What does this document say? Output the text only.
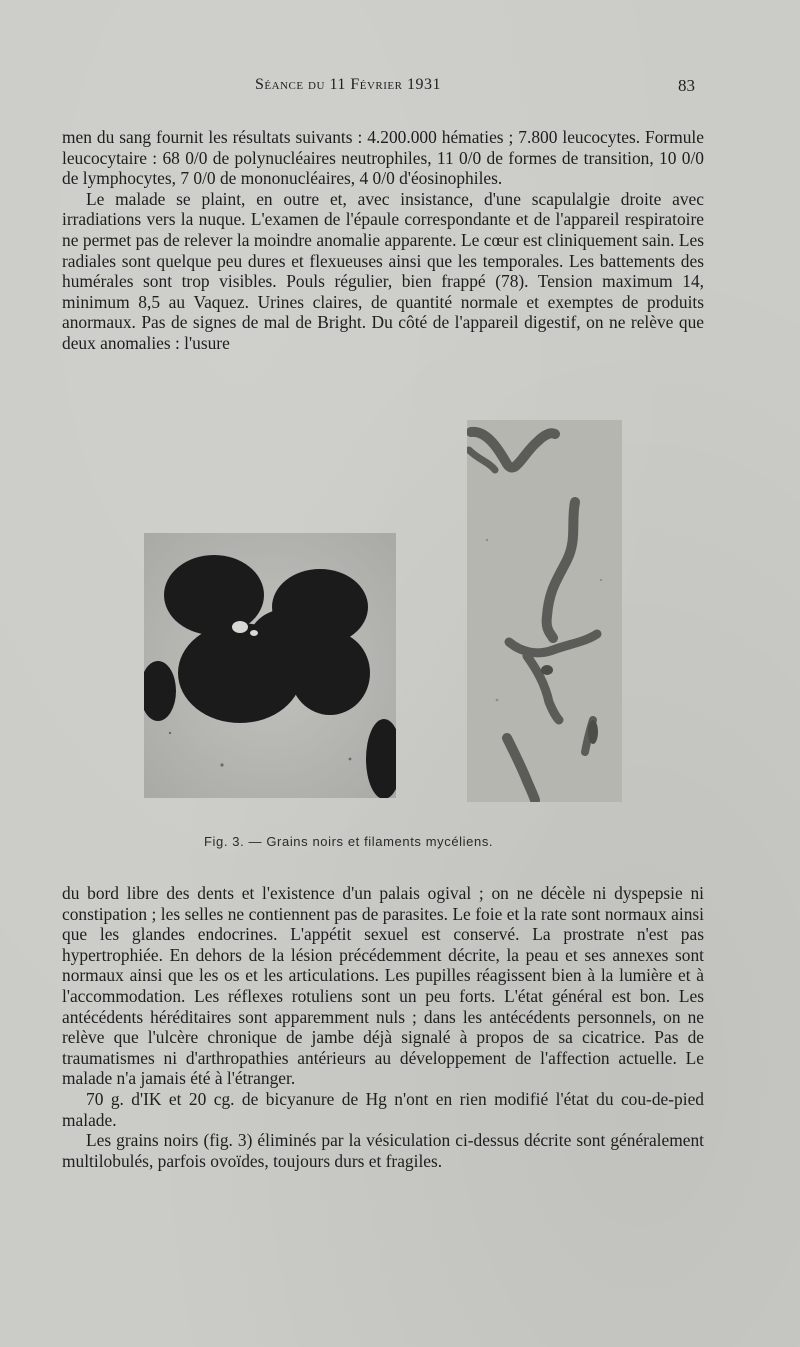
Séance du 11 Février 1931	83

men du sang fournit les résultats suivants : 4.200.000 hématies ; 7.800 leucocytes. Formule leucocytaire : 68 0/0 de polynucléaires neutrophiles, 11 0/0 de formes de transition, 10 0/0 de lymphocytes, 7 0/0 de mononucléaires, 4 0/0 d'éosinophiles.

Le malade se plaint, en outre et, avec insistance, d'une scapulalgie droite avec irradiations vers la nuque. L'examen de l'épaule correspondante et de l'appareil respiratoire ne permet pas de relever la moindre anomalie apparente. Le cœur est cliniquement sain. Les radiales sont quelque peu dures et flexueuses ainsi que les temporales. Les battements des humérales sont trop visibles. Pouls régulier, bien frappé (78). Tension maximum 14, minimum 8,5 au Vaquez. Urines claires, de quantité normale et exemptes de produits anormaux. Pas de signes de mal de Bright. Du côté de l'appareil digestif, on ne relève que deux anomalies : l'usure

Fig. 3. — Grains noirs et filaments mycéliens.

du bord libre des dents et l'existence d'un palais ogival ; on ne décèle ni dyspepsie ni constipation ; les selles ne contiennent pas de parasites. Le foie et la rate sont normaux ainsi que les glandes endocrines. L'appétit sexuel est conservé. La prostrate n'est pas hypertrophiée. En dehors de la lésion précédemment décrite, la peau et ses annexes sont normaux ainsi que les os et les articulations. Les pupilles réagissent bien à la lumière et à l'accommodation. Les réflexes rotuliens sont un peu forts. L'état général est bon. Les antécédents héréditaires sont apparemment nuls ; dans les antécédents personnels, on ne relève que l'ulcère chronique de jambe déjà signalé à propos de sa cicatrice. Pas de traumatismes ni d'arthropathies antérieurs au développement de l'affection actuelle. Le malade n'a jamais été à l'étranger.

70 g. d'IK et 20 cg. de bicyanure de Hg n'ont en rien modifié l'état du cou-de-pied malade.

Les grains noirs (fig. 3) éliminés par la vésiculation ci-dessus décrite sont généralement multilobulés, parfois ovoïdes, toujours durs et fragiles.
